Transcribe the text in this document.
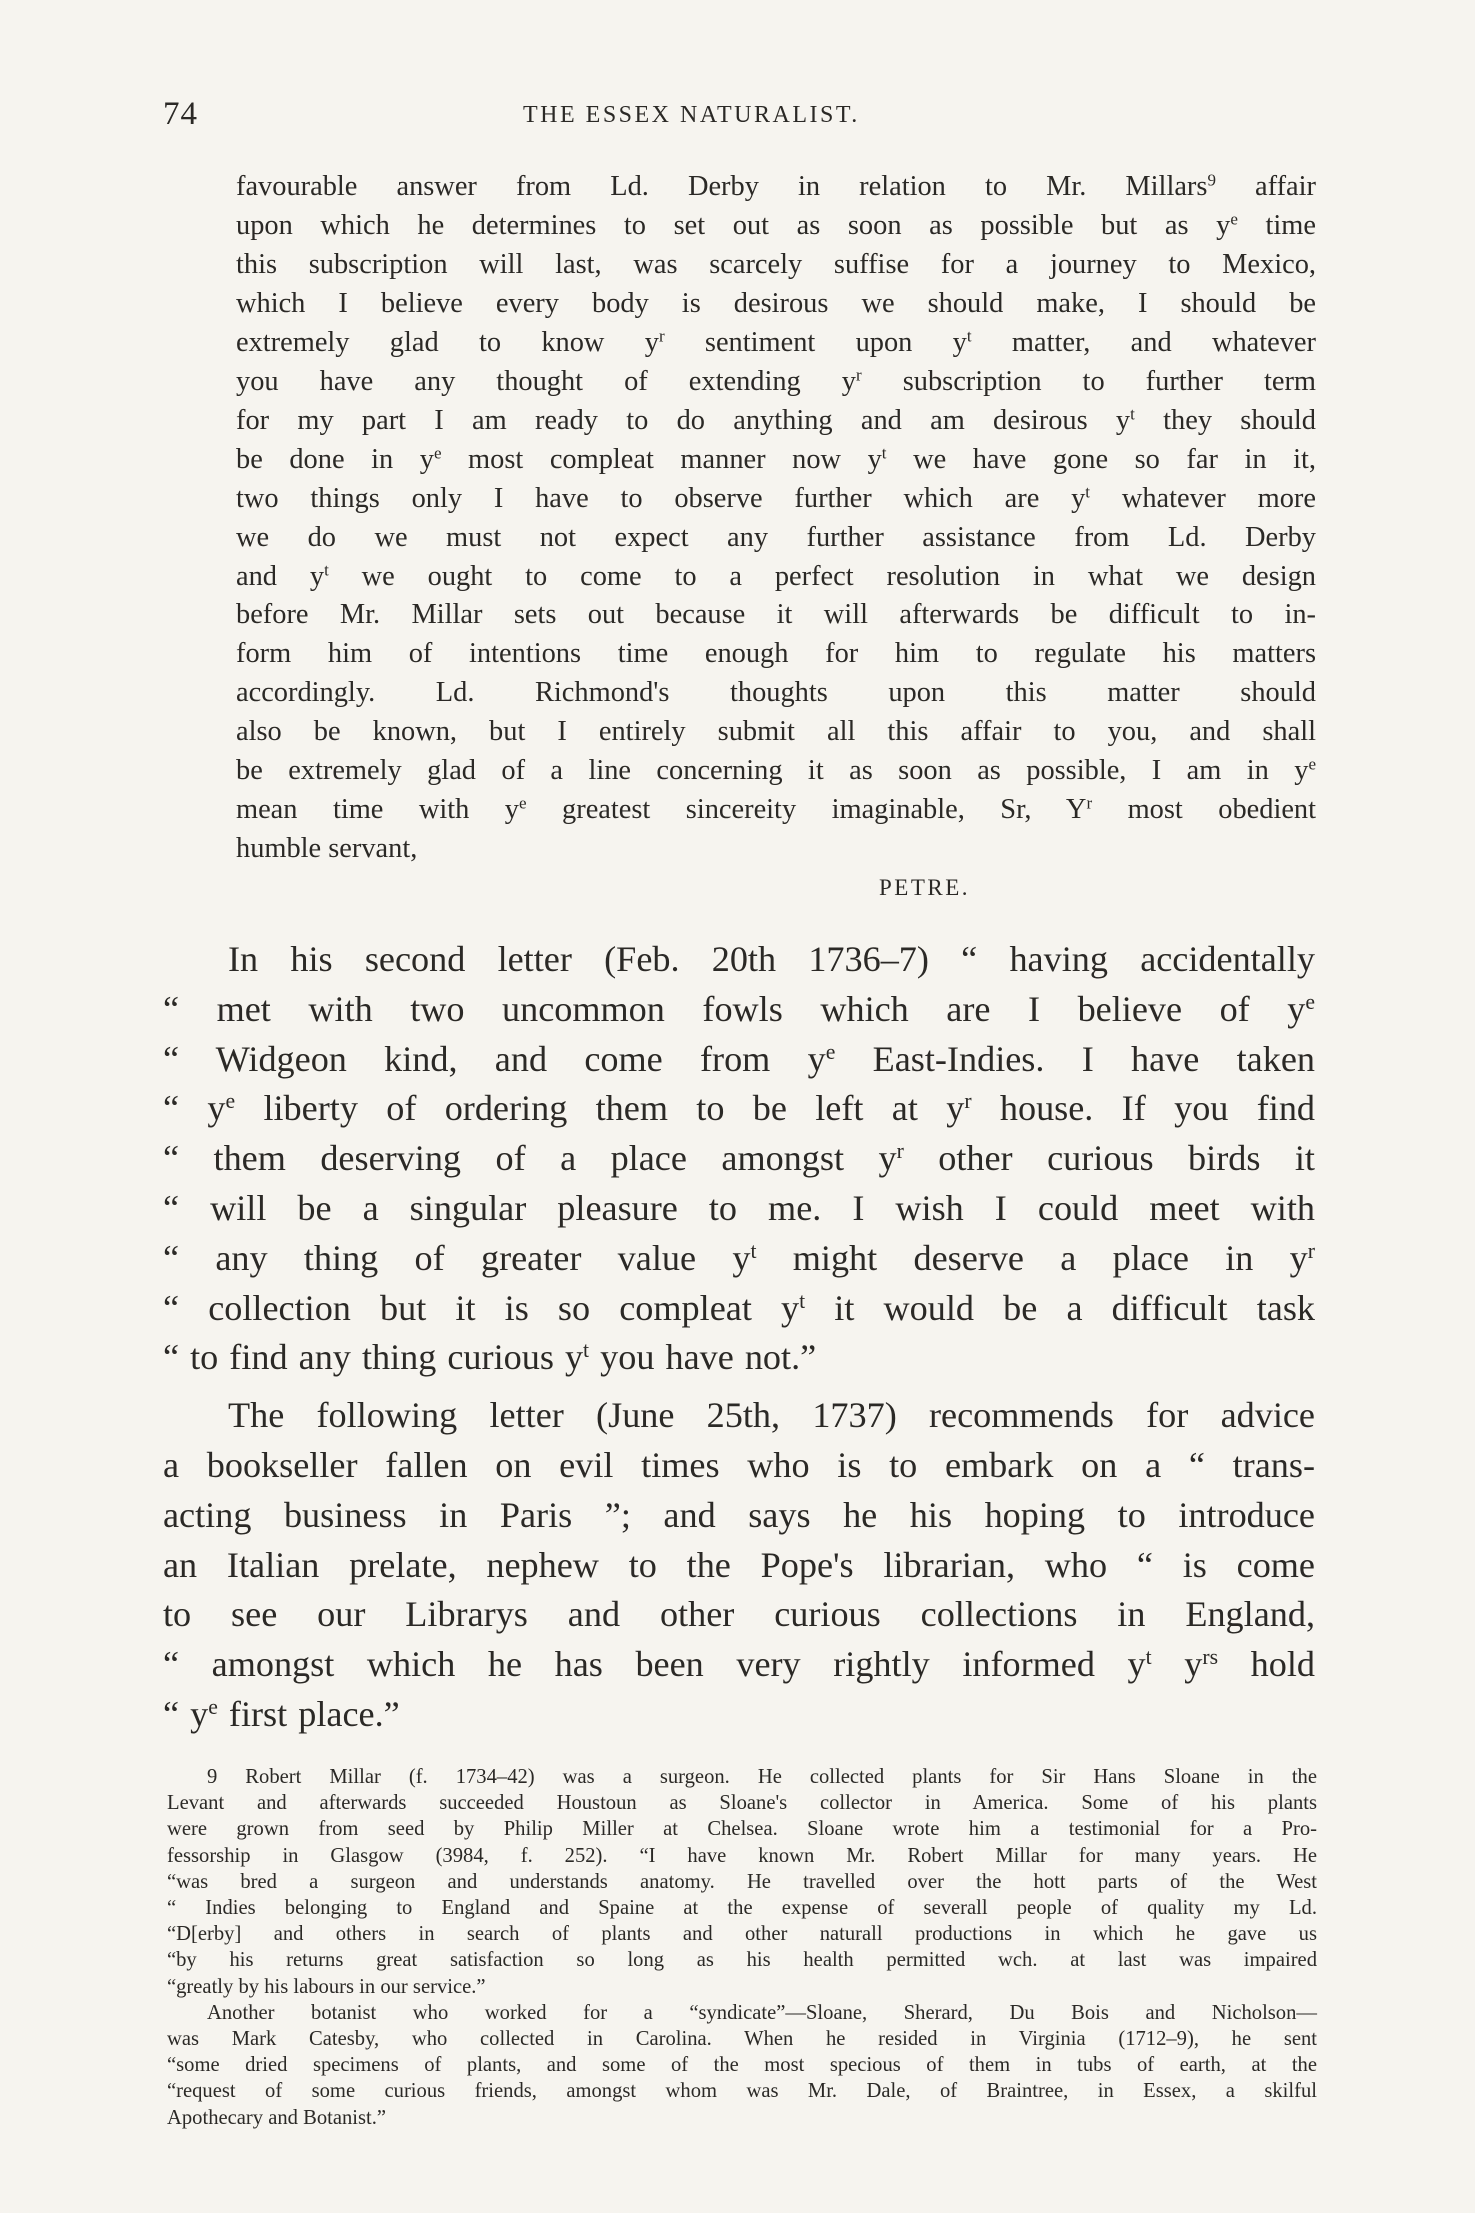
74	THE ESSEX NATURALIST.
favourable answer from Ld. Derby in relation to Mr. Millars$^9$ affair
upon which he determines to set out as soon as possible but as $y^e$ time
this subscription will last, was scarcely suffise for a journey to Mexico,
which I believe every body is desirous we should make, I should be
extremely glad to know $y^r$ sentiment upon $y^t$ matter, and whatever
you have any thought of extending $y^r$ subscription to further term
for my part I am ready to do anything and am desirous $y^t$ they should
be done in $y^e$ most compleat manner now $y^t$ we have gone so far in it,
two things only I have to observe further which are $y^t$ whatever more
we do we must not expect any further assistance from Ld. Derby
and $y^t$ we ought to come to a perfect resolution in what we design
before Mr. Millar sets out because it will afterwards be difficult to in-
form him of intentions time enough for him to regulate his matters
accordingly. Ld. Richmond's thoughts upon this matter should
also be known, but I entirely submit all this affair to you, and shall
be extremely glad of a line concerning it as soon as possible, I am in $y^e$
mean time with $y^e$ greatest sincereity imaginable, Sr, $Y^r$ most obedient
humble servant,
PETRE.
In his second letter (Feb. 20th 1736–7) “ having accidentally
“ met with two uncommon fowls which are I believe of $y^e$
“ Widgeon kind, and come from $y^e$ East-Indies. I have taken
“ $y^e$ liberty of ordering them to be left at $y^r$ house. If you find
“ them deserving of a place amongst $y^r$ other curious birds it
“ will be a singular pleasure to me. I wish I could meet with
“ any thing of greater value $y^t$ might deserve a place in $y^r$
“ collection but it is so compleat $y^t$ it would be a difficult task
“ to find any thing curious $y^t$ you have not.”
The following letter (June 25th, 1737) recommends for advice
a bookseller fallen on evil times who is to embark on a “ trans-
acting business in Paris ”; and says he his hoping to introduce
an Italian prelate, nephew to the Pope's librarian, who “ is come
to see our Librarys and other curious collections in England,
“ amongst which he has been very rightly informed $y^t$ $y^{rs}$ hold
“ $y^e$ first place.”
9 Robert Millar (f. 1734–42) was a surgeon. He collected plants for Sir Hans Sloane in the
Levant and afterwards succeeded Houstoun as Sloane's collector in America. Some of his plants
were grown from seed by Philip Miller at Chelsea. Sloane wrote him a testimonial for a Pro-
fessorship in Glasgow (3984, f. 252). “I have known Mr. Robert Millar for many years. He
“was bred a surgeon and understands anatomy. He travelled over the hott parts of the West
“ Indies belonging to England and Spaine at the expense of severall people of quality my Ld.
“D[erby] and others in search of plants and other naturall productions in which he gave us
“by his returns great satisfaction so long as his health permitted wch. at last was impaired
“greatly by his labours in our service.”
Another botanist who worked for a “syndicate”—Sloane, Sherard, Du Bois and Nicholson—
was Mark Catesby, who collected in Carolina. When he resided in Virginia (1712–9), he sent
“some dried specimens of plants, and some of the most specious of them in tubs of earth, at the
“request of some curious friends, amongst whom was Mr. Dale, of Braintree, in Essex, a skilful
Apothecary and Botanist.”
